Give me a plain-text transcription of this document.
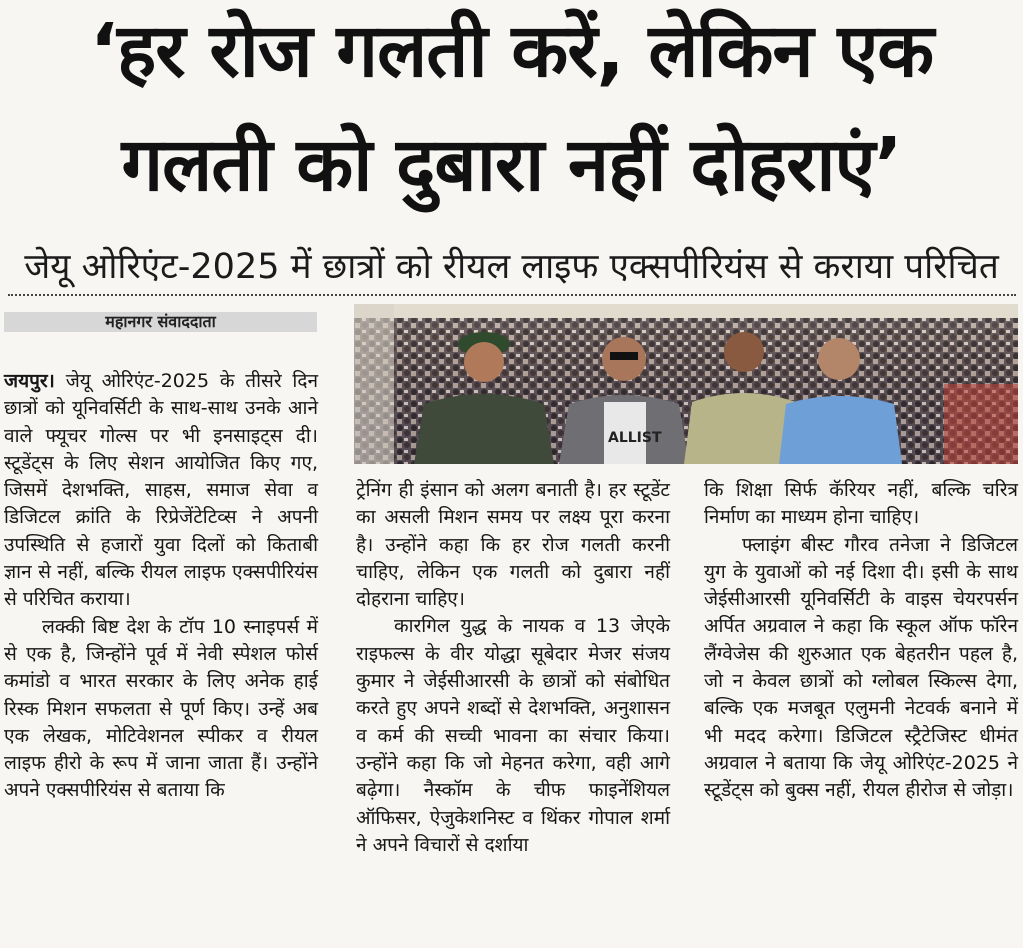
‘हर रोज गलती करें, लेकिन एक
गलती को दुबारा नहीं दोहराएं’
जेयू ओरिएंट-2025 में छात्रों को रीयल लाइफ एक्सपीरियंस से कराया परिचित
महानगर संवाददाता
ALLIST

जयपुर। जेयू ओरिएंट-2025 के तीसरे दिन छात्रों को यूनिवर्सिटी के साथ-साथ उनके आने वाले फ्यूचर गोल्स पर भी इनसाइट्स दी। स्टूडेंट्स के लिए सेशन आयोजित किए गए, जिसमें देशभक्ति, साहस, समाज सेवा व डिजिटल क्रांति के रिप्रेजेंटेटिव्स ने अपनी उपस्थिति से हजारों युवा दिलों को किताबी ज्ञान से नहीं, बल्कि रीयल लाइफ एक्सपीरियंस से परिचित कराया।

लक्की बिष्ट देश के टॉप 10 स्नाइपर्स में से एक है, जिन्होंने पूर्व में नेवी स्पेशल फोर्स कमांडो व भारत सरकार के लिए अनेक हाई रिस्क मिशन सफलता से पूर्ण किए। उन्हें अब एक लेखक, मोटिवेशनल स्पीकर व रीयल लाइफ हीरो के रूप में जाना जाता हैं। उन्होंने अपने एक्सपीरियंस से बताया कि

ट्रेनिंग ही इंसान को अलग बनाती है। हर स्टूडेंट का असली मिशन समय पर लक्ष्य पूरा करना है। उन्होंने कहा कि हर रोज गलती करनी चाहिए, लेकिन एक गलती को दुबारा नहीं दोहराना चाहिए।

कारगिल युद्ध के नायक व 13 जेएके राइफल्स के वीर योद्धा सूबेदार मेजर संजय कुमार ने जेईसीआरसी के छात्रों को संबोधित करते हुए अपने शब्दों से देशभक्ति, अनुशासन व कर्म की सच्ची भावना का संचार किया। उन्होंने कहा कि जो मेहनत करेगा, वही आगे बढ़ेगा। नैस्कॉम के चीफ फाइनेंशियल ऑफिसर, ऐजुकेशनिस्ट व थिंकर गोपाल शर्मा ने अपने विचारों से दर्शाया

कि शिक्षा सिर्फ कॅरियर नहीं, बल्कि चरित्र निर्माण का माध्यम होना चाहिए।

फ्लाइंग बीस्ट गौरव तनेजा ने डिजिटल युग के युवाओं को नई दिशा दी। इसी के साथ जेईसीआरसी यूनिवर्सिटी के वाइस चेयरपर्सन अर्पित अग्रवाल ने कहा कि स्कूल ऑफ फॉरेन लैंग्वेजेस की शुरुआत एक बेहतरीन पहल है, जो न केवल छात्रों को ग्लोबल स्किल्स देगा, बल्कि एक मजबूत एलुमनी नेटवर्क बनाने में भी मदद करेगा। डिजिटल स्ट्रैटेजिस्ट धीमंत अग्रवाल ने बताया कि जेयू ओरिएंट-2025 ने स्टूडेंट्स को बुक्स नहीं, रीयल हीरोज से जोड़ा।
